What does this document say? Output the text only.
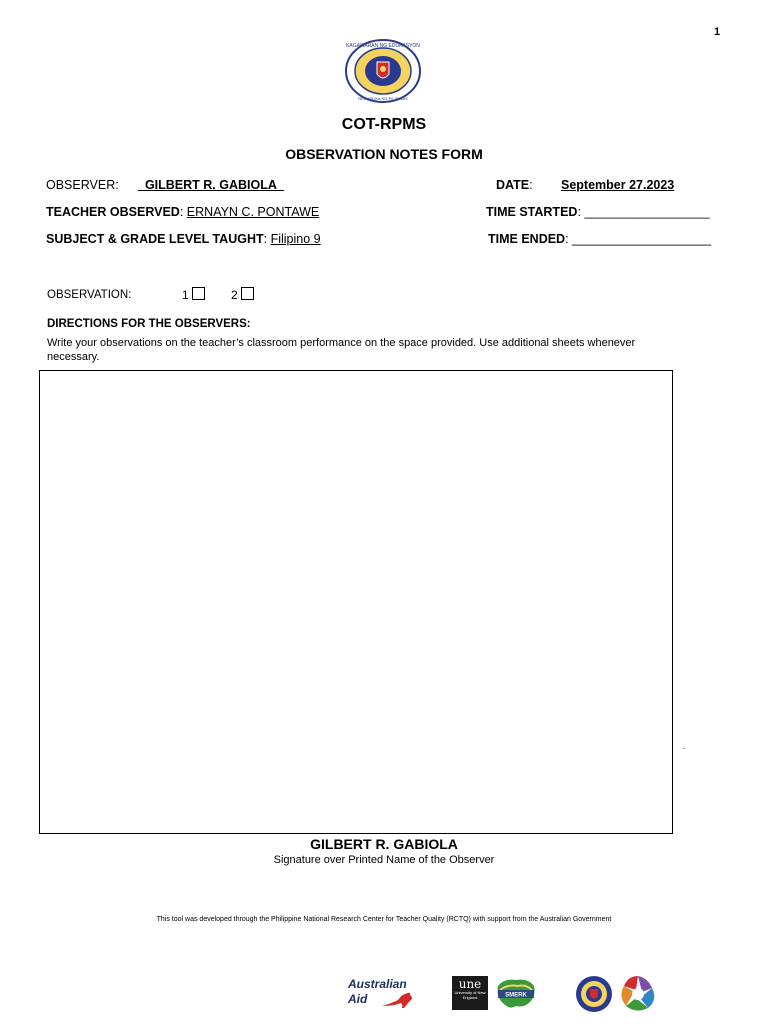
1
KAGAWARAN NG EDUKASYON
REPUBLIKA NG PILIPINAS
COT-RPMS
OBSERVATION NOTES FORM
OBSERVER: _GILBERT R. GABIOLA_	DATE: September 27.2023
TEACHER OBSERVED: ERNAYN C. PONTAWE	TIME STARTED: __________________
SUBJECT & GRADE LEVEL TAUGHT: Filipino 9	TIME ENDED: ____________________
OBSERVATION:	1	2
DIRECTIONS FOR THE OBSERVERS:
Write your observations on the teacher’s classroom performance on the space provided. Use additional sheets whenever necessary.
.
GILBERT R. GABIOLA
Signature over Printed Name of the Observer
This tool was developed through the Philippine National Research Center for Teacher Quality (RCTQ) with support from the Australian Government
Australian
Aid
une
University of New England	SMERK
